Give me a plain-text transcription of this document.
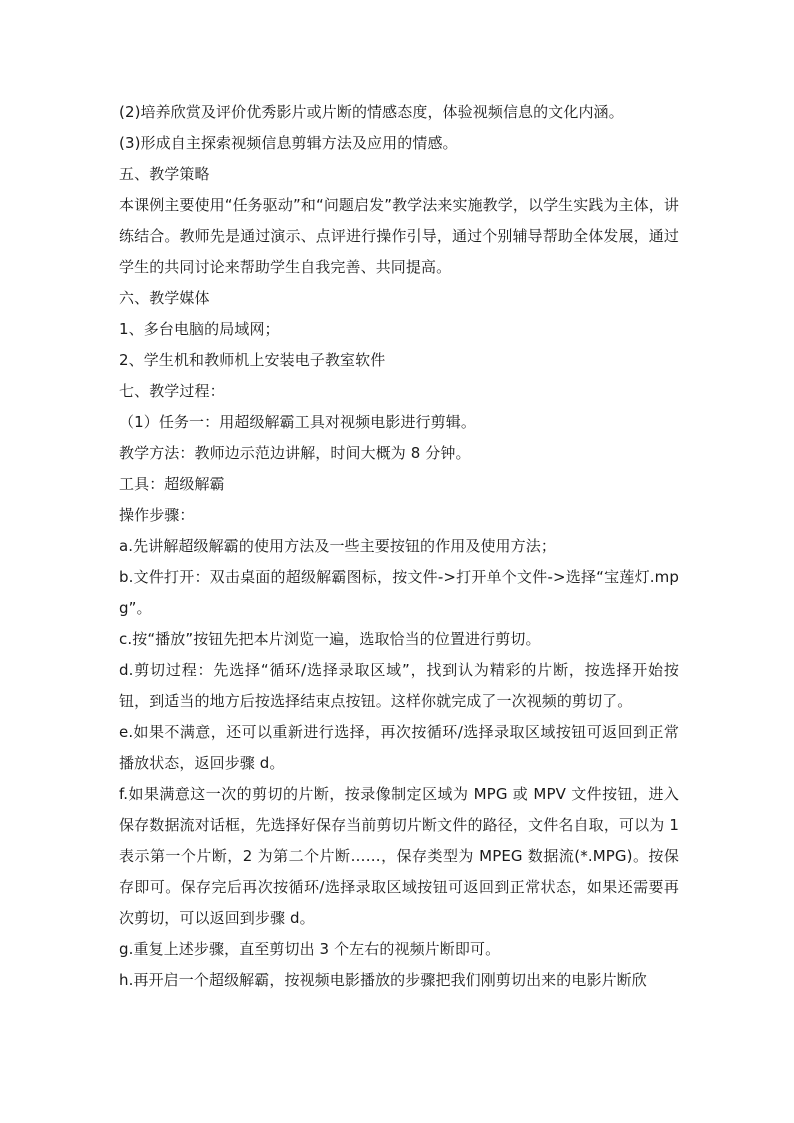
(2)培养欣赏及评价优秀影片或片断的情感态度，体验视频信息的文化内涵。

(3)形成自主探索视频信息剪辑方法及应用的情感。

五、教学策略

本课例主要使用“任务驱动”和“问题启发”教学法来实施教学，以学生实践为主体，讲练结合。教师先是通过演示、点评进行操作引导，通过个别辅导帮助全体发展，通过学生的共同讨论来帮助学生自我完善、共同提高。

六、教学媒体

1、多台电脑的局域网；

2、学生机和教师机上安装电子教室软件

七、教学过程：

（1）任务一：用超级解霸工具对视频电影进行剪辑。

教学方法：教师边示范边讲解，时间大概为 8 分钟。

工具：超级解霸

操作步骤：

a.先讲解超级解霸的使用方法及一些主要按钮的作用及使用方法；

b.文件打开：双击桌面的超级解霸图标，按文件->打开单个文件->选择“宝莲灯.mpg”。

c.按“播放”按钮先把本片浏览一遍，选取恰当的位置进行剪切。

d.剪切过程：先选择“循环/选择录取区域”，找到认为精彩的片断，按选择开始按钮，到适当的地方后按选择结束点按钮。这样你就完成了一次视频的剪切了。

e.如果不满意，还可以重新进行选择，再次按循环/选择录取区域按钮可返回到正常播放状态，返回步骤 d。

f.如果满意这一次的剪切的片断，按录像制定区域为 MPG 或 MPV 文件按钮，进入保存数据流对话框，先选择好保存当前剪切片断文件的路径，文件名自取，可以为 1 表示第一个片断，2 为第二个片断……，保存类型为 MPEG 数据流(*.MPG)。按保存即可。保存完后再次按循环/选择录取区域按钮可返回到正常状态，如果还需要再次剪切，可以返回到步骤 d。

g.重复上述步骤，直至剪切出 3 个左右的视频片断即可。

h.再开启一个超级解霸，按视频电影播放的步骤把我们刚剪切出来的电影片断欣
